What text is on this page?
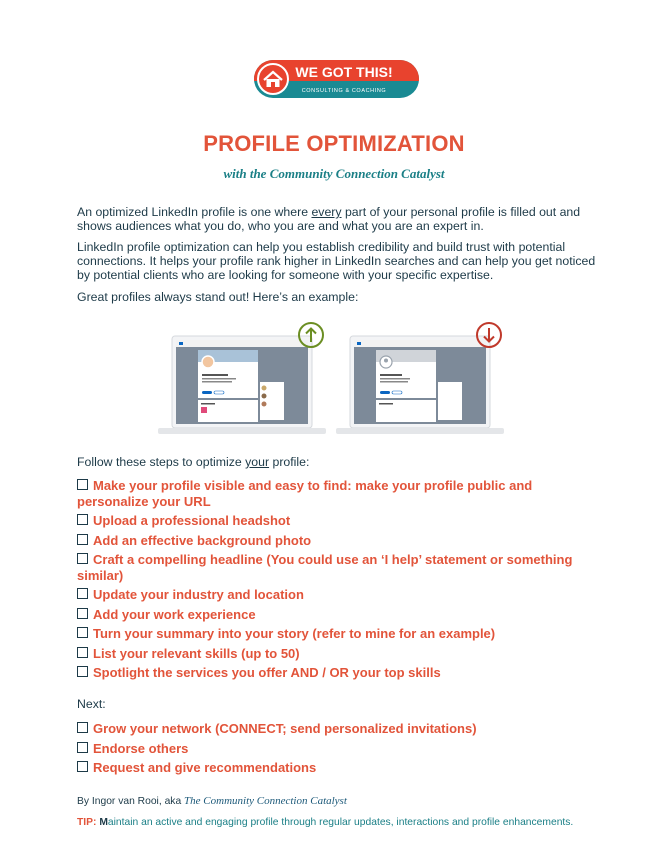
WE GOT THIS!
CONSULTING & COACHING
PROFILE OPTIMIZATION
with the Community Connection Catalyst
An optimized LinkedIn profile is one where every part of your personal profile is filled out and shows audiences what you do, who you are and what you are an expert in.
LinkedIn profile optimization can help you establish credibility and build trust with potential connections. It helps your profile rank higher in LinkedIn searches and can help you get noticed by potential clients who are looking for someone with your specific expertise.
Great profiles always stand out! Here’s an example:
Follow these steps to optimize your profile:
Make your profile visible and easy to find: make your profile public and personalize your URL
Upload a professional headshot
Add an effective background photo
Craft a compelling headline (You could use an ‘I help’ statement or something similar)
Update your industry and location
Add your work experience
Turn your summary into your story (refer to mine for an example)
List your relevant skills (up to 50)
Spotlight the services you offer AND / OR your top skills
Next:
Grow your network (CONNECT; send personalized invitations)
Endorse others
Request and give recommendations
By Ingor van Rooi, aka The Community Connection Catalyst
TIP: Maintain an active and engaging profile through regular updates, interactions and profile enhancements.
